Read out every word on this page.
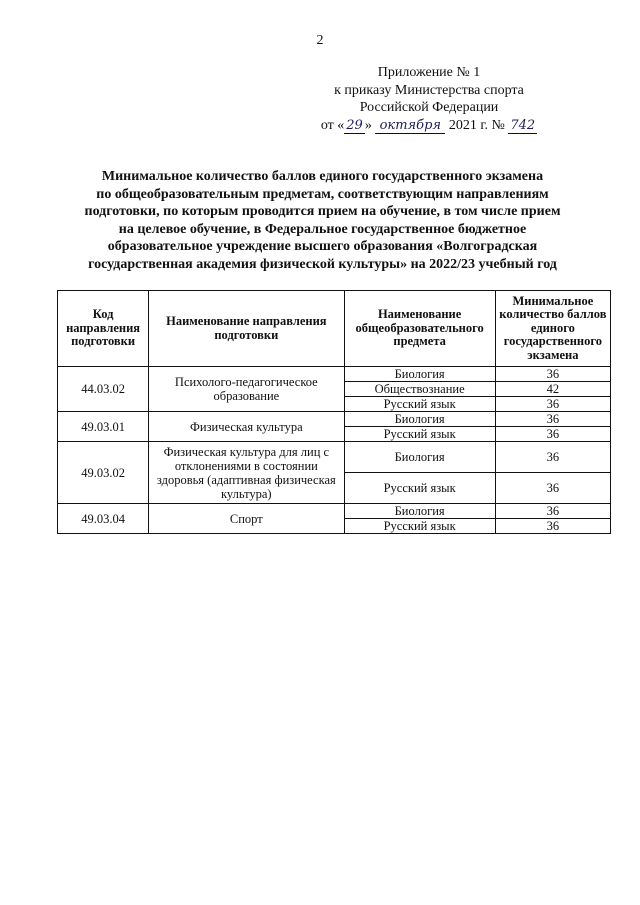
2
Приложение № 1
к приказу Министерства спорта
Российской Федерации
от « 29 » октября 2021 г. № 742
Минимальное количество баллов единого государственного экзамена
по общеобразовательным предметам, соответствующим направлениям
подготовки, по которым проводится прием на обучение, в том числе прием
на целевое обучение, в Федеральное государственное бюджетное
образовательное учреждение высшего образования «Волгоградская
государственная академия физической культуры» на 2022/23 учебный год
Код направления подготовки	Наименование направления подготовки	Наименование общеобразовательного предмета	Минимальное количество баллов единого государственного экзамена
44.03.02	Психолого-педагогическое образование	Биология	36
		Обществознание	42
		Русский язык	36
49.03.01	Физическая культура	Биология	36
		Русский язык	36
49.03.02	Физическая культура для лиц с отклонениями в состоянии здоровья (адаптивная физическая культура)	Биология	36
		Русский язык	36
49.03.04	Спорт	Биология	36
		Русский язык	36
